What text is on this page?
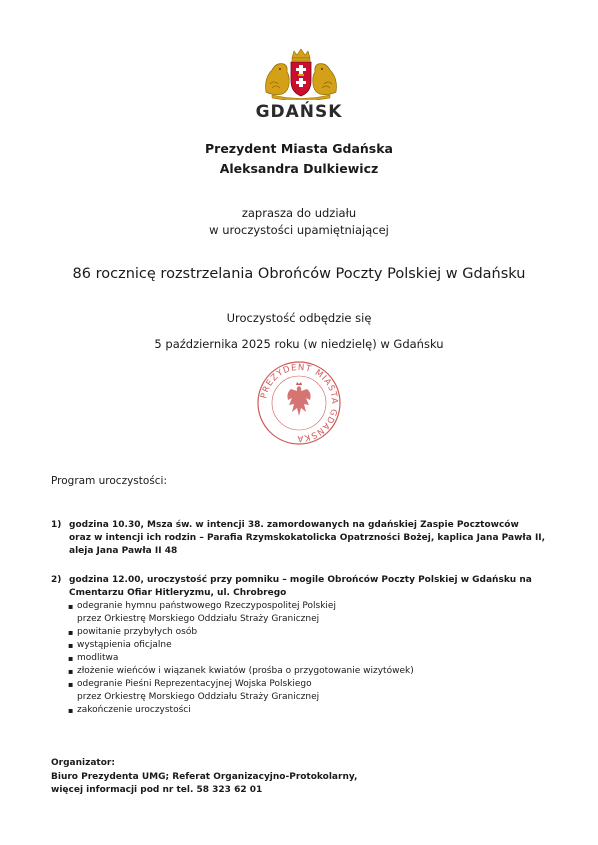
GDAŃSK
Prezydent Miasta Gdańska
Aleksandra Dulkiewicz
zaprasza do udziału
w uroczystości upamiętniającej
86 rocznicę rozstrzelania Obrońców Poczty Polskiej w Gdańsku
Uroczystość odbędzie się
5 października 2025 roku (w niedzielę) w Gdańsku
PREZYDENT MIASTA GDAŃSKA
Program uroczystości:
1) godzina 10.30, Msza św. w intencji 38. zamordowanych na gdańskiej Zaspie Pocztowców
oraz w intencji ich rodzin – Parafia Rzymskokatolicka Opatrzności Bożej, kaplica Jana Pawła II,
aleja Jana Pawła II 48
2) godzina 12.00, uroczystość przy pomniku – mogile Obrońców Poczty Polskiej w Gdańsku na
Cmentarzu Ofiar Hitleryzmu, ul. Chrobrego
▪ odegranie hymnu państwowego Rzeczypospolitej Polskiej
przez Orkiestrę Morskiego Oddziału Straży Granicznej
▪ powitanie przybyłych osób
▪ wystąpienia oficjalne
▪ modlitwa
▪ złożenie wieńców i wiązanek kwiatów (prośba o przygotowanie wizytówek)
▪ odegranie Pieśni Reprezentacyjnej Wojska Polskiego
przez Orkiestrę Morskiego Oddziału Straży Granicznej
▪ zakończenie uroczystości
Organizator:
Biuro Prezydenta UMG; Referat Organizacyjno-Protokolarny,
więcej informacji pod nr tel. 58 323 62 01
